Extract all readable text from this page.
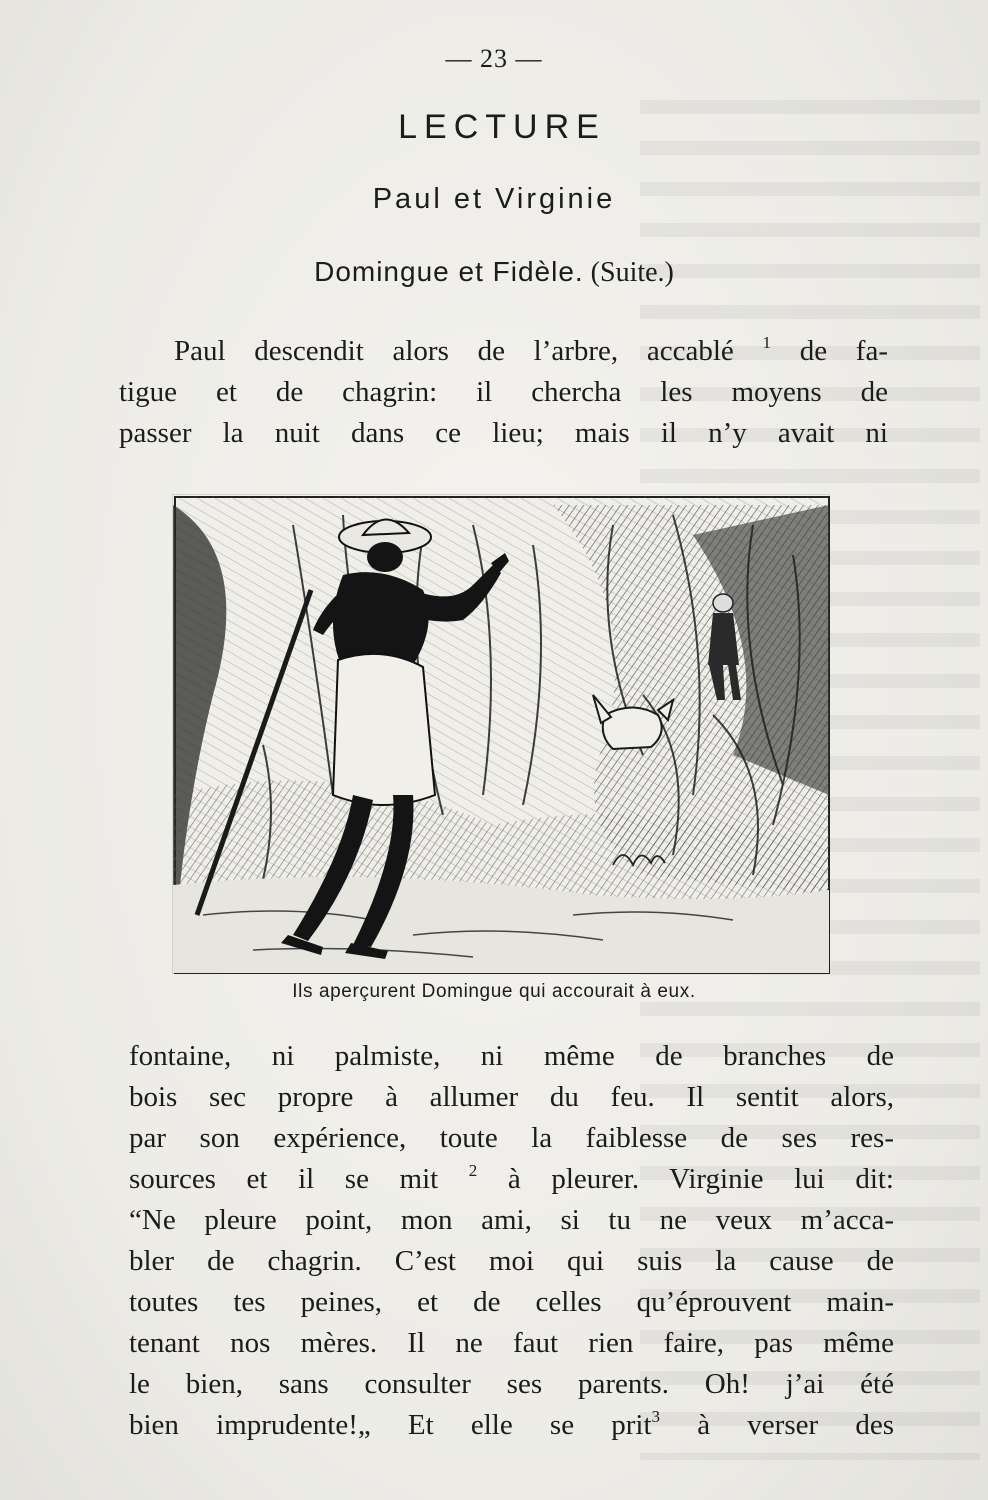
— 23 —
LECTURE
Paul et Virginie
Domingue et Fidèle. (Suite.)
Paul descendit alors de l’arbre, accablé $^1$ de fa-
tigue et de chagrin: il chercha les moyens de
passer la nuit dans ce lieu; mais il n’y avait ni
Ils aperçurent Domingue qui accourait à eux.
fontaine, ni palmiste, ni même de branches de
bois sec propre à allumer du feu. Il sentit alors,
par son expérience, toute la faiblesse de ses res-
sources et il se mit $^2$ à pleurer. Virginie lui dit:
“Ne pleure point, mon ami, si tu ne veux m’acca-
bler de chagrin. C’est moi qui suis la cause de
toutes tes peines, et de celles qu’éprouvent main-
tenant nos mères. Il ne faut rien faire, pas même
le bien, sans consulter ses parents. Oh! j’ai été
bien imprudente!„ Et elle se prit$^3$ à verser des
